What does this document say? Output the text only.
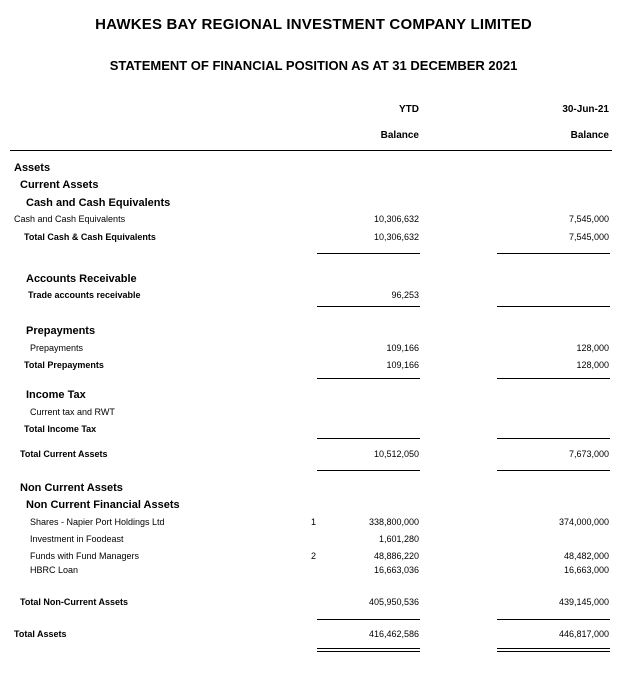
HAWKES BAY REGIONAL INVESTMENT COMPANY LIMITED
STATEMENT OF FINANCIAL POSITION AS AT 31 DECEMBER 2021
YTD
Balance
30-Jun-21
Balance
Assets
Current Assets
Cash and Cash Equivalents
Cash and Cash Equivalents	10,306,632	7,545,000
Total Cash & Cash Equivalents	10,306,632	7,545,000
Accounts Receivable
Trade accounts receivable	96,253
Prepayments
Prepayments	109,166	128,000
Total Prepayments	109,166	128,000
Income Tax
Current tax and RWT
Total Income Tax
Total Current Assets	10,512,050	7,673,000
Non Current Assets
Non Current Financial Assets
Shares - Napier Port Holdings Ltd	1	338,800,000	374,000,000
Investment in Foodeast	1,601,280
Funds with Fund Managers	2	48,886,220	48,482,000
HBRC Loan	16,663,036	16,663,000
Total Non-Current Assets	405,950,536	439,145,000
Total Assets	416,462,586	446,817,000
